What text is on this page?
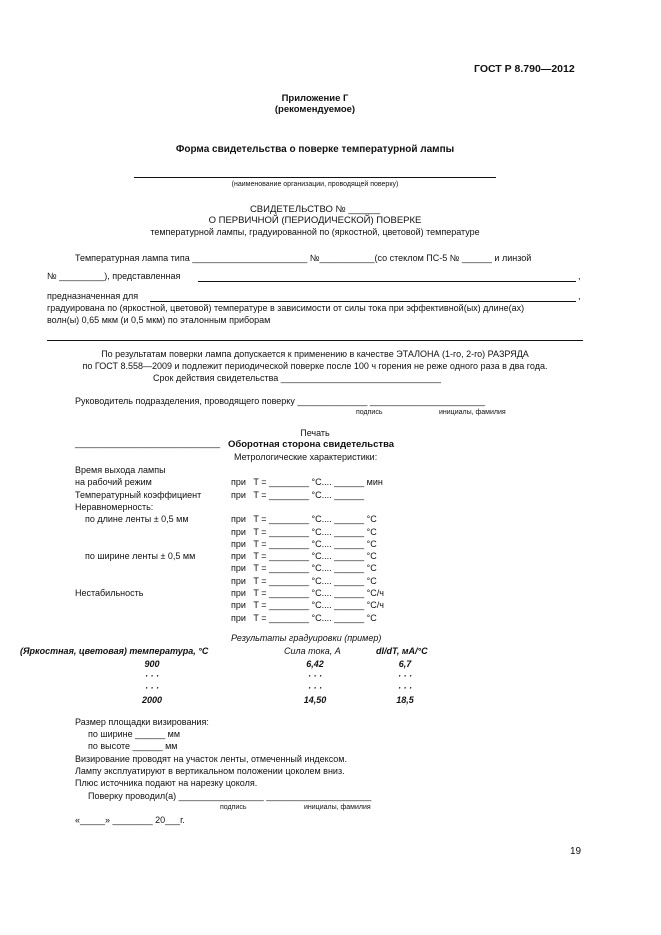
ГОСТ Р 8.790—2012
Приложение Г
(рекомендуемое)
Форма свидетельства о поверке температурной лампы
(наименование организации, проводящей поверку)
СВИДЕТЕЛЬСТВО № ______
О ПЕРВИЧНОЙ (ПЕРИОДИЧЕСКОЙ) ПОВЕРКЕ
температурной лампы, градуированной по (яркостной, цветовой) температуре
Температурная лампа типа _______________________ №___________(со стеклом ПС-5 № ______ и линзой
№ _________), представленная	,
предназначенная для	,
градуирована по (яркостной, цветовой) температуре в зависимости от силы тока при эффективной(ых) длине(ах)
волн(ы) 0,65 мкм (и 0,5 мкм) по эталонным приборам
По результатам поверки лампа допускается к применению в качестве ЭТАЛОНА (1-го, 2-го) РАЗРЯДА
по ГОСТ 8.558—2009 и подлежит периодической поверке после 100 ч горения не реже одного раза в два года.
Срок действия свидетельства ________________________________
Руководитель подразделения, проводящего поверку ______________ _______________________
подпись	инициалы, фамилия
Печать
_____________________________ Оборотная сторона свидетельства
Метрологические характеристики:
Время выхода лампы
на рабочий режим	при   T = ________ °C.... ______ мин
Температурный коэффициент	при   T = ________ °C.... ______
Неравномерность:
по длине ленты ± 0,5 мм	при   T = ________ °C.... ______ °C
при   T = ________ °C.... ______ °C
при   T = ________ °C.... ______ °C
по ширине ленты ± 0,5 мм	при   T = ________ °C.... ______ °C
при   T = ________ °C.... ______ °C
при   T = ________ °C.... ______ °C
Нестабильность	при   T = ________ °C.... ______ °C/ч
при   T = ________ °C.... ______ °C/ч
при   T = ________ °C.... ______ °C
Результаты градуировки (пример)
(Яркостная, цветовая) температура, °C	Сила тока, А	dI/dT, мА/°C
900	6,42	6,7
· · ·	· · ·	· · ·
· · ·	· · ·	· · ·
2000	14,50	18,5
Размер площадки визирования:
по ширине ______ мм
по высоте ______ мм
Визирование проводят на участок ленты, отмеченный индексом.
Лампу эксплуатируют в вертикальном положении цоколем вниз.
Плюс источника подают на нарезку цоколя.
Поверку проводил(а) _________________ _____________________
подпись	инициалы, фамилия
«_____» ________ 20___г.
19
